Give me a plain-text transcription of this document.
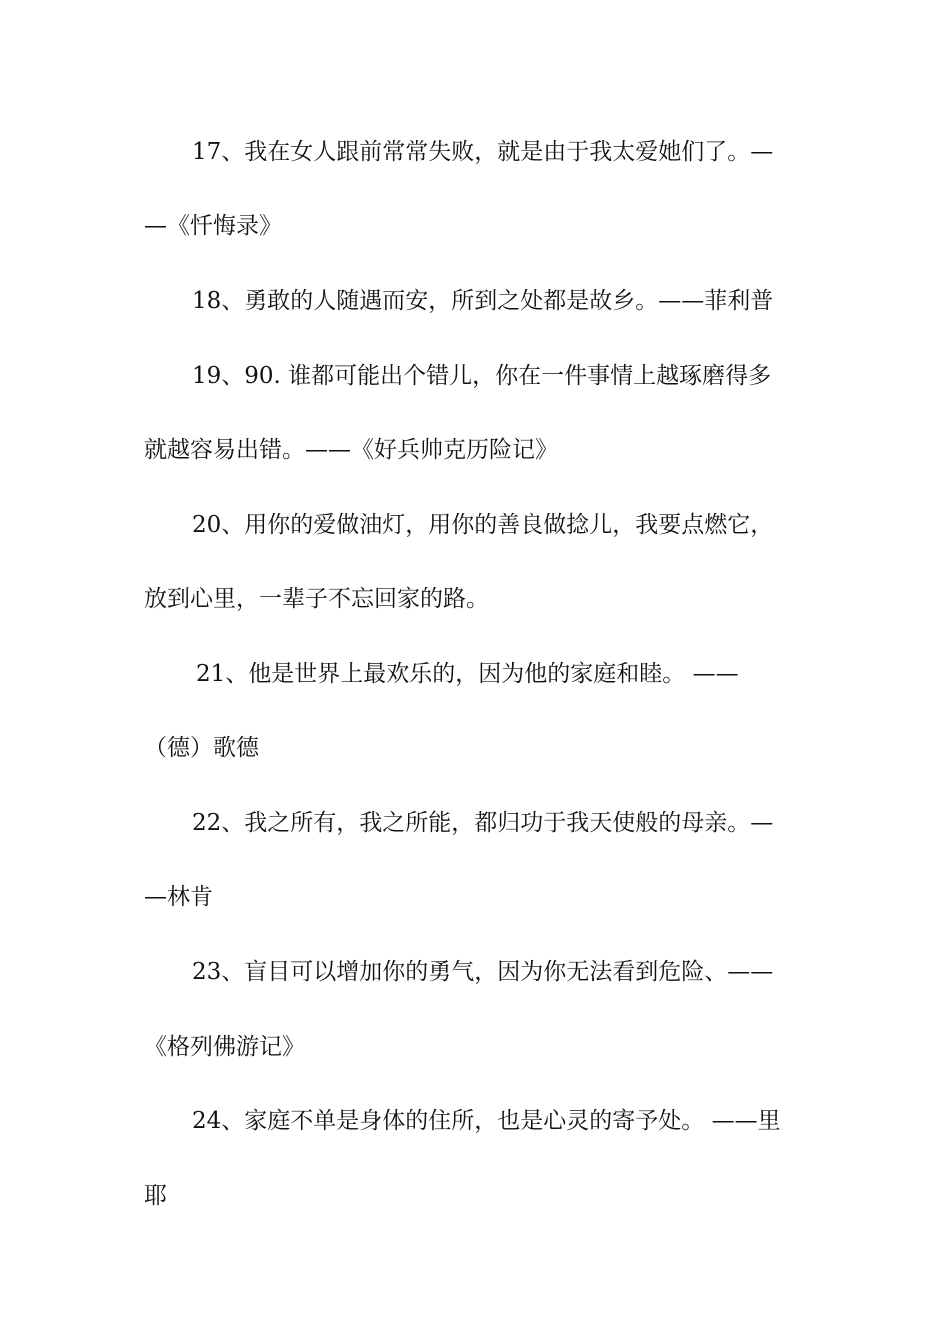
17、我在女人跟前常常失败，就是由于我太爱她们了。—
—《忏悔录》
18、勇敢的人随遇而安，所到之处都是故乡。——菲利普
19、90. 谁都可能出个错儿，你在一件事情上越琢磨得多
就越容易出错。——《好兵帅克历险记》
20、用你的爱做油灯，用你的善良做捻儿，我要点燃它，
放到心里，一辈子不忘回家的路。
21、他是世界上最欢乐的，因为他的家庭和睦。 ——
（德）歌德
22、我之所有，我之所能，都归功于我天使般的母亲。—
—林肯
23、盲目可以增加你的勇气，因为你无法看到危险、——
《格列佛游记》
24、家庭不单是身体的住所，也是心灵的寄予处。 ——里
耶
